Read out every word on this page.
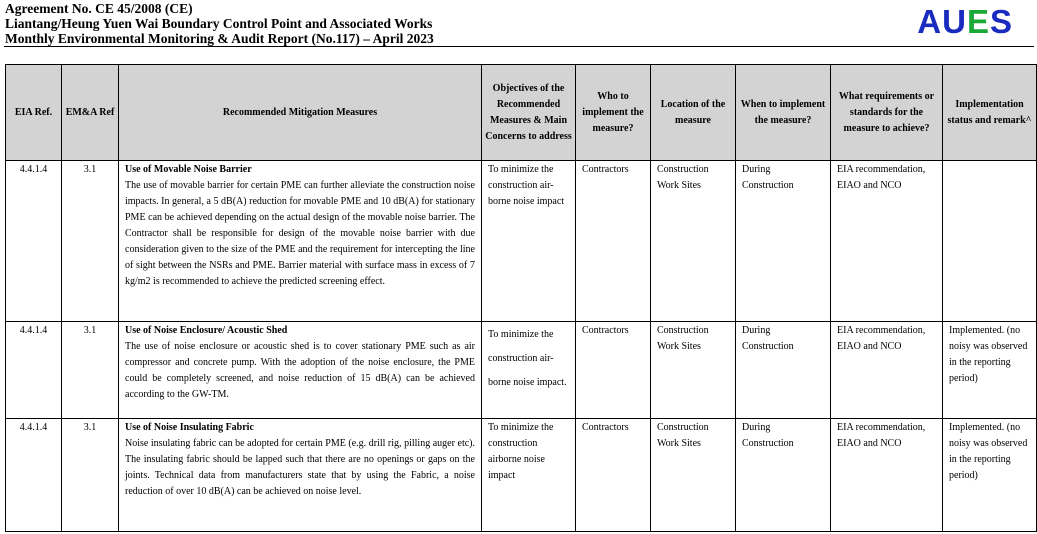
Agreement No. CE 45/2008 (CE)
Liantang/Heung Yuen Wai Boundary Control Point and Associated Works
Monthly Environmental Monitoring & Audit Report (No.117) – April 2023	AUES
EIA Ref.	EM&A Ref	Recommended Mitigation Measures	Objectives of the Recommended Measures & Main Concerns to address	Who to implement the measure?	Location of the measure	When to implement the measure?	What requirements or standards for the measure to achieve?	Implementation status and remark^
4.4.1.4	3.1	Use of Movable Noise Barrier
The use of movable barrier for certain PME can further alleviate the construction noise impacts. In general, a 5 dB(A) reduction for movable PME and 10 dB(A) for stationary PME can be achieved depending on the actual design of the movable noise barrier. The Contractor shall be responsible for design of the movable noise barrier with due consideration given to the size of the PME and the requirement for intercepting the line of sight between the NSRs and PME. Barrier material with surface mass in excess of 7 kg/m2 is recommended to achieve the predicted screening effect.	To minimize the construction air-borne noise impact	Contractors	Construction Work Sites	During Construction	EIA recommendation, EIAO and NCO	
4.4.1.4	3.1	Use of Noise Enclosure/ Acoustic Shed
The use of noise enclosure or acoustic shed is to cover stationary PME such as air compressor and concrete pump. With the adoption of the noise enclosure, the PME could be completely screened, and noise reduction of 15 dB(A) can be achieved according to the GW-TM.	To minimize the construction air-borne noise impact.	Contractors	Construction Work Sites	During Construction	EIA recommendation, EIAO and NCO	Implemented. (no noisy was observed in the reporting period)
4.4.1.4	3.1	Use of Noise Insulating Fabric
Noise insulating fabric can be adopted for certain PME (e.g. drill rig, pilling auger etc). The insulating fabric should be lapped such that there are no openings or gaps on the joints. Technical data from manufacturers state that by using the Fabric, a noise reduction of over 10 dB(A) can be achieved on noise level.	To minimize the construction airborne noise impact	Contractors	Construction Work Sites	During Construction	EIA recommendation, EIAO and NCO	Implemented. (no noisy was observed in the reporting period)
